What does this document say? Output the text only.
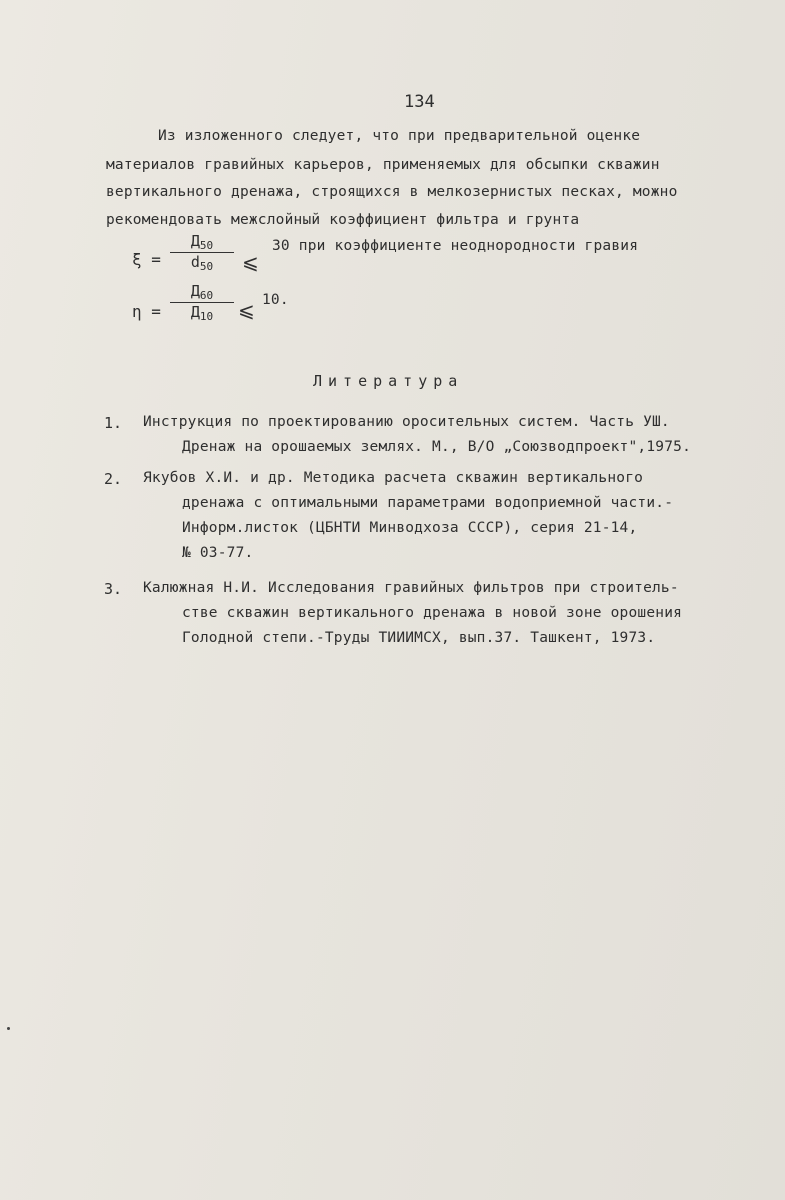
134
Из изложенного следует, что при предварительной оценке
материалов гравийных карьеров, применяемых для обсыпки скважин
вертикального дренажа, строящихся в мелкозернистых песках, можно
рекомендовать межслойный коэффициент фильтра и грунта
ξ =
$Д_{50}$
$d_{50}$	⩽
30 при коэффициенте неоднородности гравия
η =
$Д_{60}$
$Д_{10}$	⩽ 10.
Литература
1. Инструкция по проектированию оросительных систем. Часть УШ.
Дренаж на орошаемых землях. М., В/О „Союзводпроект",1975.
2. Якубов Х.И. и др. Методика расчета скважин вертикального
дренажа с оптимальными параметрами водоприемной части.-
Информ.листок (ЦБНТИ Минводхоза СССР), серия 21-14,
№ 03-77.
3. Калюжная Н.И. Исследования гравийных фильтров при строитель-
стве скважин вертикального дренажа в новой зоне орошения
Голодной степи.-Труды ТИИИМСХ, вып.37. Ташкент, 1973.
